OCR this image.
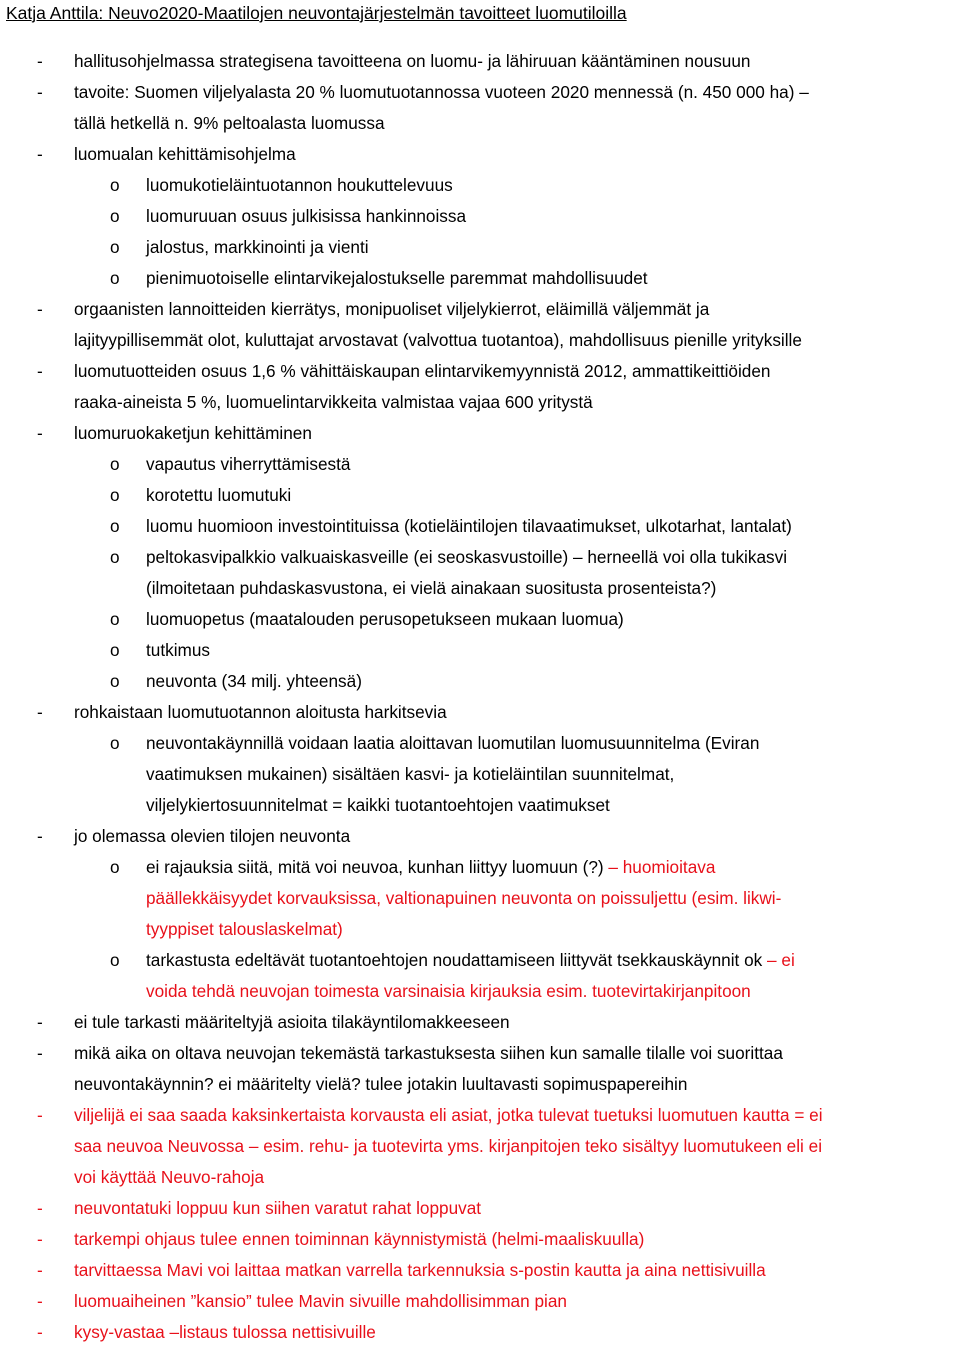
Katja Anttila: Neuvo2020-Maatilojen neuvontajärjestelmän tavoitteet luomutiloilla
- hallitusohjelmassa strategisena tavoitteena on luomu- ja lähiruuan kääntäminen nousuun
- tavoite: Suomen viljelyalasta 20 % luomutuotannossa vuoteen 2020 mennessä (n. 450 000 ha) –
tällä hetkellä n. 9% peltoalasta luomussa
- luomualan kehittämisohjelma
o luomukotieläintuotannon houkuttelevuus
o luomuruuan osuus julkisissa hankinnoissa
o jalostus, markkinointi ja vienti
o pienimuotoiselle elintarvikejalostukselle paremmat mahdollisuudet
- orgaanisten lannoitteiden kierrätys, monipuoliset viljelykierrot, eläimillä väljemmät ja
lajityypillisemmät olot, kuluttajat arvostavat (valvottua tuotantoa), mahdollisuus pienille yrityksille
- luomutuotteiden osuus 1,6 % vähittäiskaupan elintarvikemyynnistä 2012, ammattikeittiöiden
raaka-aineista 5 %, luomuelintarvikkeita valmistaa vajaa 600 yritystä
- luomuruokaketjun kehittäminen
o vapautus viherryttämisestä
o korotettu luomutuki
o luomu huomioon investointituissa (kotieläintilojen tilavaatimukset, ulkotarhat, lantalat)
o peltokasvipalkkio valkuaiskasveille (ei seoskasvustoille) – herneellä voi olla tukikasvi
(ilmoitetaan puhdaskasvustona, ei vielä ainakaan suositusta prosenteista?)
o luomuopetus (maatalouden perusopetukseen mukaan luomua)
o tutkimus
o neuvonta (34 milj. yhteensä)
- rohkaistaan luomutuotannon aloitusta harkitsevia
o neuvontakäynnillä voidaan laatia aloittavan luomutilan luomusuunnitelma (Eviran
vaatimuksen mukainen) sisältäen kasvi- ja kotieläintilan suunnitelmat,
viljelykiertosuunnitelmat = kaikki tuotantoehtojen vaatimukset
- jo olemassa olevien tilojen neuvonta
o ei rajauksia siitä, mitä voi neuvoa, kunhan liittyy luomuun (?) – huomioitava
päällekkäisyydet korvauksissa, valtionapuinen neuvonta on poissuljettu (esim. likwi-
tyyppiset talouslaskelmat)
o tarkastusta edeltävät tuotantoehtojen noudattamiseen liittyvät tsekkauskäynnit ok – ei
voida tehdä neuvojan toimesta varsinaisia kirjauksia esim. tuotevirtakirjanpitoon
- ei tule tarkasti määriteltyjä asioita tilakäyntilomakkeeseen
- mikä aika on oltava neuvojan tekemästä tarkastuksesta siihen kun samalle tilalle voi suorittaa
neuvontakäynnin? ei määritelty vielä? tulee jotakin luultavasti sopimuspapereihin
- viljelijä ei saa saada kaksinkertaista korvausta eli asiat, jotka tulevat tuetuksi luomutuen kautta = ei
saa neuvoa Neuvossa – esim. rehu- ja tuotevirta yms. kirjanpitojen teko sisältyy luomutukeen eli ei
voi käyttää Neuvo-rahoja
- neuvontatuki loppuu kun siihen varatut rahat loppuvat
- tarkempi ohjaus tulee ennen toiminnan käynnistymistä (helmi-maaliskuulla)
- tarvittaessa Mavi voi laittaa matkan varrella tarkennuksia s-postin kautta ja aina nettisivuilla
- luomuaiheinen ”kansio” tulee Mavin sivuille mahdollisimman pian
- kysy-vastaa –listaus tulossa nettisivuille
